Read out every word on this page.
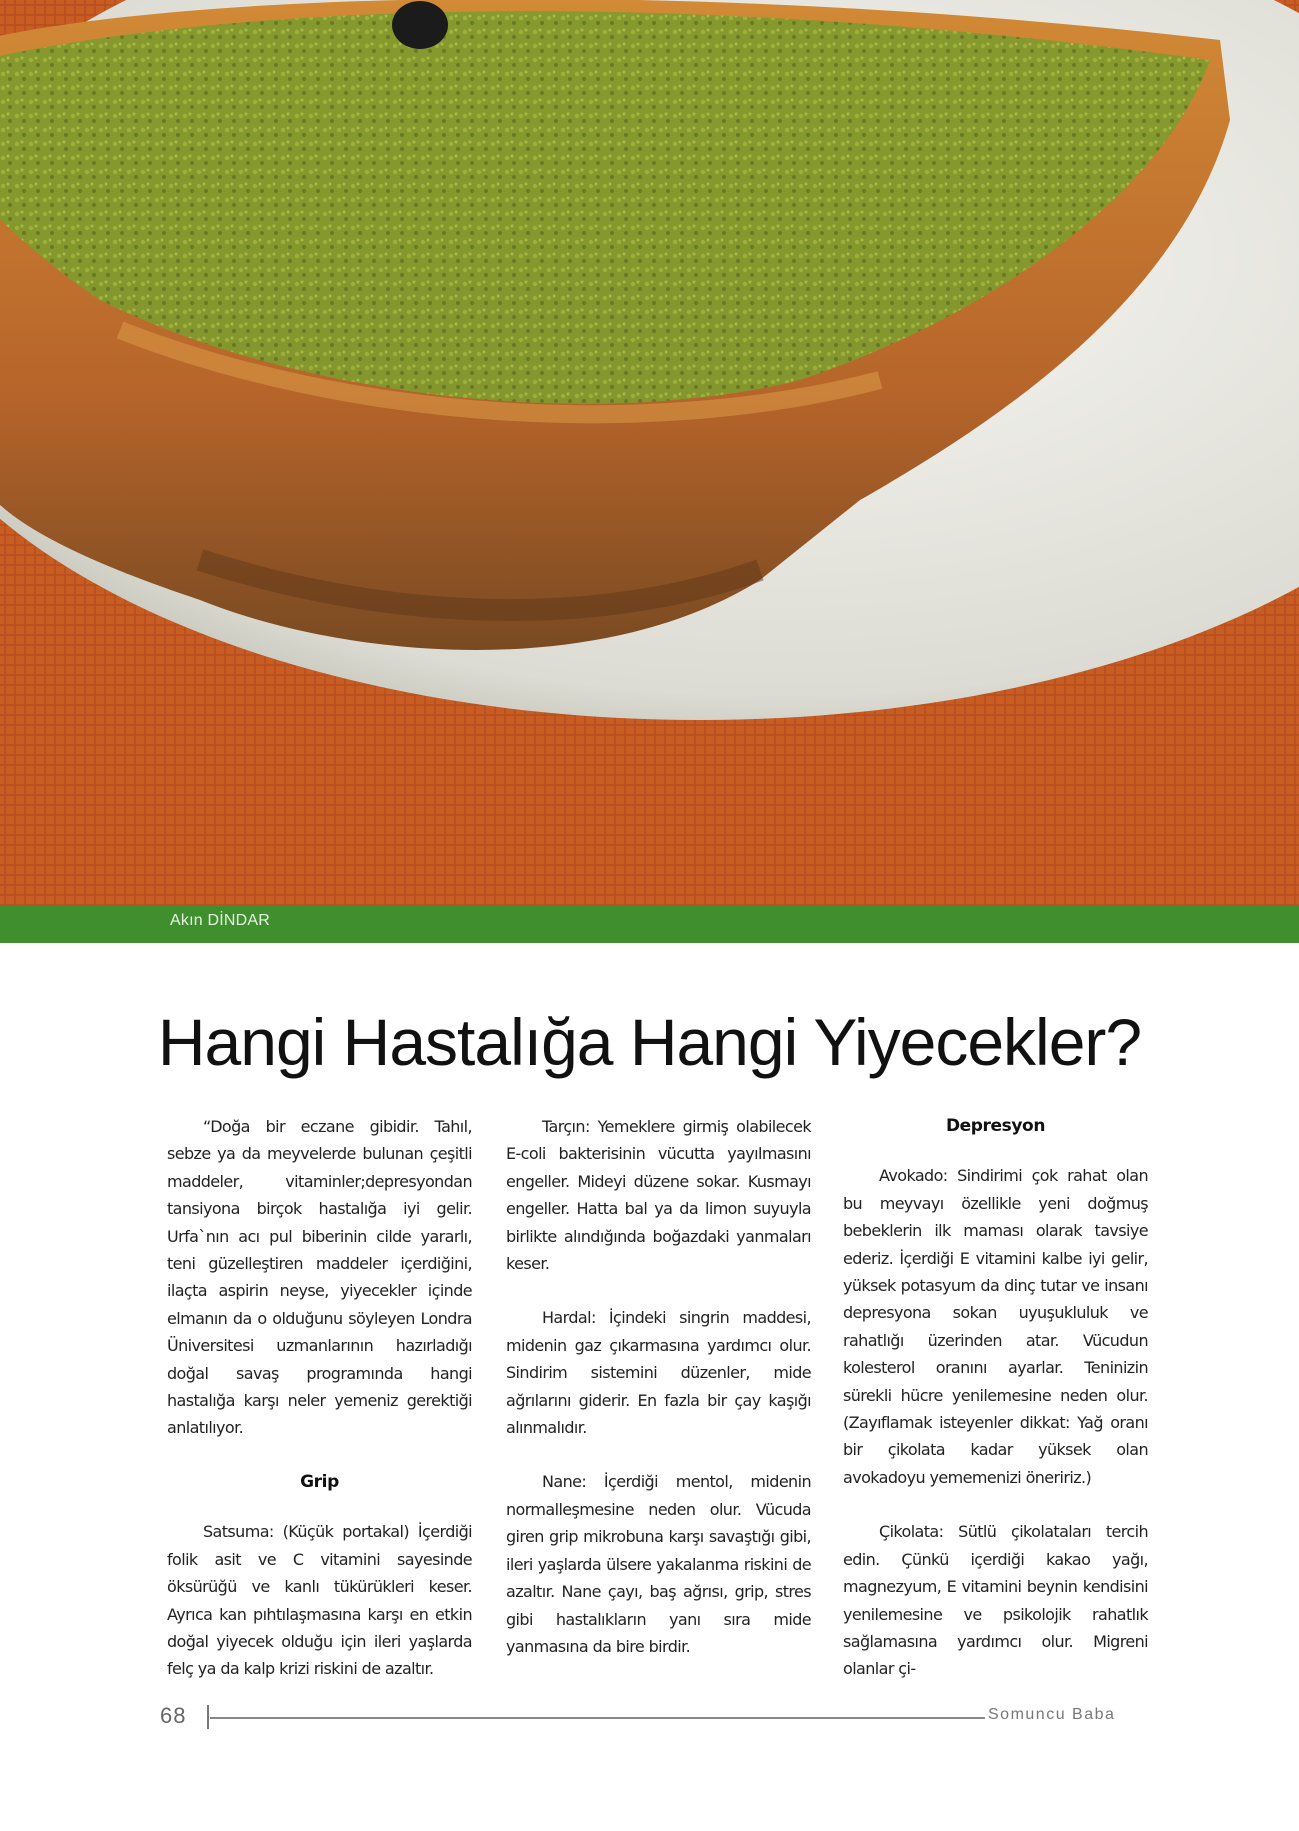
Akın DİNDAR
Hangi Hastalığa Hangi Yiyecekler?

“Doğa bir eczane gibidir. Tahıl, sebze ya da meyvelerde bulunan çeşitli maddeler, vitaminler;depresyondan tansiyona birçok hastalığa iyi gelir. Urfa`nın acı pul biberinin cilde yararlı, teni güzelleştiren maddeler içerdiğini, ilaçta aspirin neyse, yiyecekler içinde elmanın da o olduğunu söyleyen Londra Üniversitesi uzmanlarının hazırladığı doğal savaş programında hangi hastalığa karşı neler yemeniz gerektiği anlatılıyor.

Grip

Satsuma: (Küçük portakal) İçerdiği folik asit ve C vitamini sayesinde öksürüğü ve kanlı tükürükleri keser. Ayrıca kan pıhtılaşmasına karşı en etkin doğal yiyecek olduğu için ileri yaşlarda felç ya da kalp krizi riskini de azaltır.

Tarçın: Yemeklere girmiş olabilecek E-coli bakterisinin vücutta yayılmasını engeller. Mideyi düzene sokar. Kusmayı engeller. Hatta bal ya da limon suyuyla birlikte alındığında boğazdaki yanmaları keser.

Hardal: İçindeki singrin maddesi, midenin gaz çıkarmasına yardımcı olur. Sindirim sistemini düzenler, mide ağrılarını giderir. En fazla bir çay kaşığı alınmalıdır.

Nane: İçerdiği mentol, midenin normalleşmesine neden olur. Vücuda giren grip mikrobuna karşı savaştığı gibi, ileri yaşlarda ülsere yakalanma riskini de azaltır. Nane çayı, baş ağrısı, grip, stres gibi hastalıkların yanı sıra mide yanmasına da bire birdir.

Depresyon

Avokado: Sindirimi çok rahat olan bu meyvayı özellikle yeni doğmuş bebeklerin ilk maması olarak tavsiye ederiz. İçerdiği E vitamini kalbe iyi gelir, yüksek potasyum da dinç tutar ve insanı depresyona sokan uyuşukluluk ve rahatlığı üzerinden atar. Vücudun kolesterol oranını ayarlar. Teninizin sürekli hücre yenilemesine neden olur. (Zayıflamak isteyenler dikkat: Yağ oranı bir çikolata kadar yüksek olan avokadoyu yememenizi öneririz.)

Çikolata: Sütlü çikolataları tercih edin. Çünkü içerdiği kakao yağı, magnezyum, E vitamini beynin kendisini yenilemesine ve psikolojik rahatlık sağlamasına yardımcı olur. Migreni olanlar çi-

68	Somuncu Baba
